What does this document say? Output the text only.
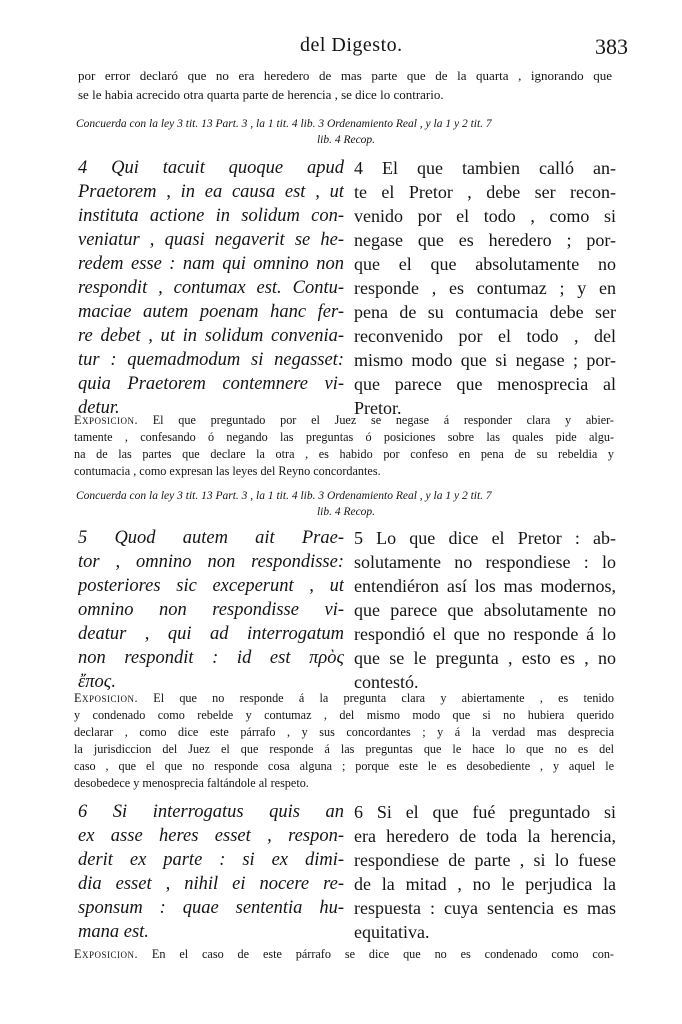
del Digesto.	383
por error declaró que no era heredero de mas parte que de la quarta , ignorando que
se le habia acrecido otra quarta parte de herencia , se dice lo contrario.
Concuerda con la ley 3 tit. 13 Part. 3 , la 1 tit. 4 lib. 3 Ordenamiento Real , y la 1 y 2 tit. 7
lib. 4 Recop.
4 Qui tacuit quoque apud
Praetorem , in ea causa est , ut
instituta actione in solidum con-
veniatur , quasi negaverit se he-
redem esse : nam qui omnino non
respondit , contumax est. Contu-
maciae autem poenam hanc fer-
re debet , ut in solidum convenia-
tur : quemadmodum si negasset:
quia Praetorem contemnere vi-
detur.
4 El que tambien calló an-
te el Pretor , debe ser recon-
venido por el todo , como si
negase que es heredero ; por-
que el que absolutamente no
responde , es contumaz ; y en
pena de su contumacia debe ser
reconvenido por el todo , del
mismo modo que si negase ; por-
que parece que menosprecia al
Pretor.
Exposicion. El que preguntado por el Juez se negase á responder clara y abier-
tamente , confesando ó negando las preguntas ó posiciones sobre las quales pide algu-
na de las partes que declare la otra , es habido por confeso en pena de su rebeldia y
contumacia , como expresan las leyes del Reyno concordantes.
Concuerda con la ley 3 tit. 13 Part. 3 , la 1 tit. 4 lib. 3 Ordenamiento Real , y la 1 y 2 tit. 7
lib. 4 Recop.
5 Quod autem ait Prae-
tor , omnino non respondisse:
posteriores sic exceperunt , ut
omnino non respondisse vi-
deatur , qui ad interrogatum
non respondit : id est πρὸς
ἔπος.
5 Lo que dice el Pretor : ab-
solutamente no respondiese : lo
entendiéron así los mas modernos,
que parece que absolutamente no
respondió el que no responde á lo
que se le pregunta , esto es , no
contestó.
Exposicion. El que no responde á la pregunta clara y abiertamente , es tenido
y condenado como rebelde y contumaz , del mismo modo que si no hubiera querido
declarar , como dice este párrafo , y sus concordantes ; y á la verdad mas desprecia
la jurisdiccion del Juez el que responde á las preguntas que le hace lo que no es del
caso , que el que no responde cosa alguna ; porque este le es desobediente , y aquel le
desobedece y menosprecia faltándole al respeto.
6 Si interrogatus quis an
ex asse heres esset , respon-
derit ex parte : si ex dimi-
dia esset , nihil ei nocere re-
sponsum : quae sententia hu-
mana est.
6 Si el que fué preguntado si
era heredero de toda la herencia,
respondiese de parte , si lo fuese
de la mitad , no le perjudica la
respuesta : cuya sentencia es mas
equitativa.
Exposicion. En el caso de este párrafo se dice que no es condenado como con-
